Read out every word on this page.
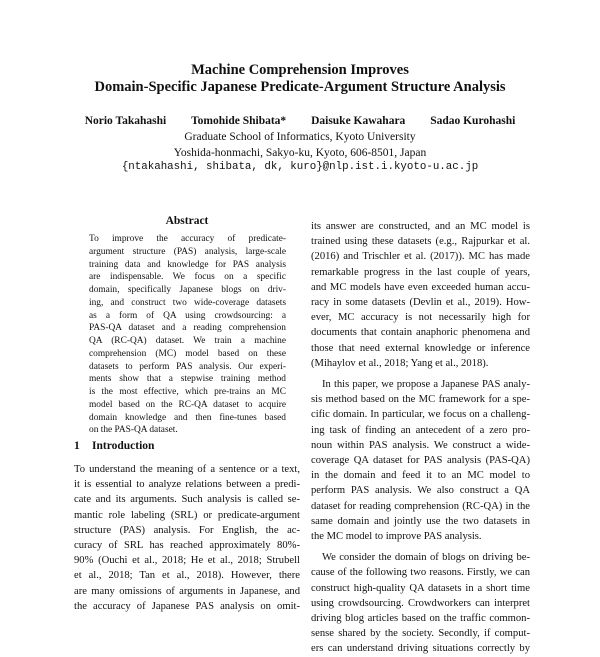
Machine Comprehension Improves
Domain-Specific Japanese Predicate-Argument Structure Analysis
Norio Takahashi Tomohide Shibata* Daisuke Kawahara Sadao Kurohashi
Graduate School of Informatics, Kyoto University
Yoshida-honmachi, Sakyo-ku, Kyoto, 606-8501, Japan
{ntakahashi, shibata, dk, kuro}@nlp.ist.i.kyoto-u.ac.jp
Abstract
To improve the accuracy of predicate-
argument structure (PAS) analysis, large-scale
training data and knowledge for PAS analysis
are indispensable. We focus on a specific
domain, specifically Japanese blogs on driv-
ing, and construct two wide-coverage datasets
as a form of QA using crowdsourcing: a
PAS-QA dataset and a reading comprehension
QA (RC-QA) dataset. We train a machine
comprehension (MC) model based on these
datasets to perform PAS analysis. Our experi-
ments show that a stepwise training method
is the most effective, which pre-trains an MC
model based on the RC-QA dataset to acquire
domain knowledge and then fine-tunes based
on the PAS-QA dataset.
1 Introduction
To understand the meaning of a sentence or a text,
it is essential to analyze relations between a predi-
cate and its arguments. Such analysis is called se-
mantic role labeling (SRL) or predicate-argument
structure (PAS) analysis. For English, the ac-
curacy of SRL has reached approximately 80%-
90% (Ouchi et al., 2018; He et al., 2018; Strubell
et al., 2018; Tan et al., 2018). However, there
are many omissions of arguments in Japanese, and
the accuracy of Japanese PAS analysis on omit-
its answer are constructed, and an MC model is
trained using these datasets (e.g., Rajpurkar et al.
(2016) and Trischler et al. (2017)). MC has made
remarkable progress in the last couple of years,
and MC models have even exceeded human accu-
racy in some datasets (Devlin et al., 2019). How-
ever, MC accuracy is not necessarily high for
documents that contain anaphoric phenomena and
those that need external knowledge or inference
(Mihaylov et al., 2018; Yang et al., 2018).
In this paper, we propose a Japanese PAS analy-
sis method based on the MC framework for a spe-
cific domain. In particular, we focus on a challeng-
ing task of finding an antecedent of a zero pro-
noun within PAS analysis. We construct a wide-
coverage QA dataset for PAS analysis (PAS-QA)
in the domain and feed it to an MC model to
perform PAS analysis. We also construct a QA
dataset for reading comprehension (RC-QA) in the
same domain and jointly use the two datasets in
the MC model to improve PAS analysis.
We consider the domain of blogs on driving be-
cause of the following two reasons. Firstly, we can
construct high-quality QA datasets in a short time
using crowdsourcing. Crowdworkers can interpret
driving blog articles based on the traffic common-
sense shared by the society. Secondly, if comput-
ers can understand driving situations correctly by
